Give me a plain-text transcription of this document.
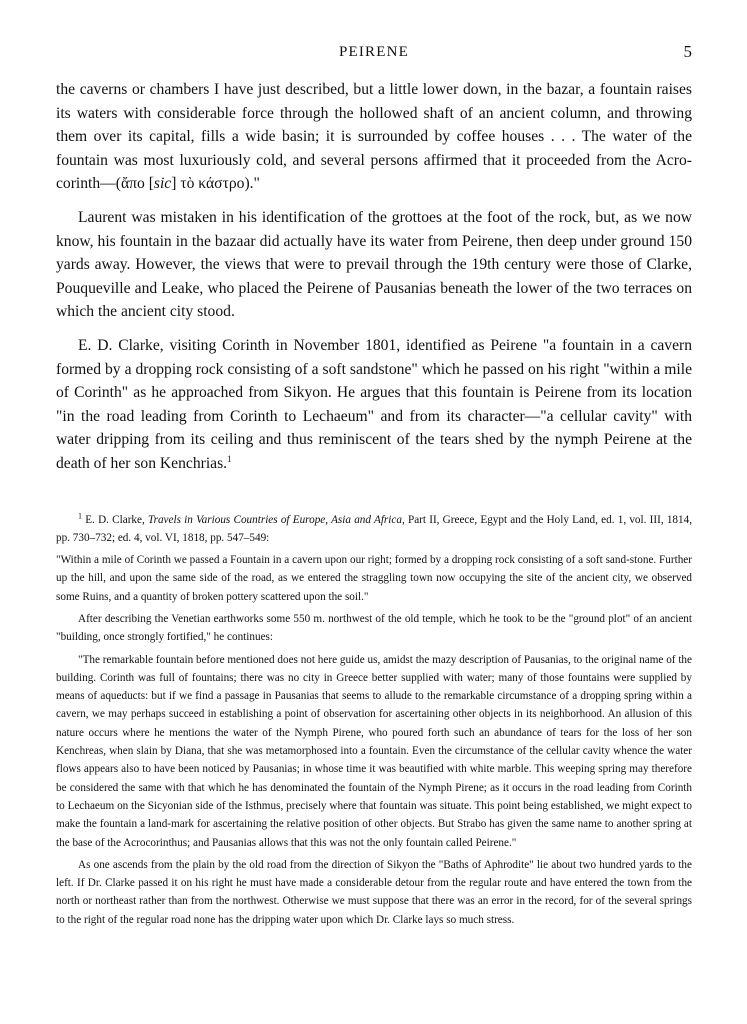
PEIRENE	5

the caverns or chambers I have just described, but a little lower down, in the bazar, a fountain raises its waters with considerable force through the hollowed shaft of an ancient column, and throwing them over its capital, fills a wide basin; it is surrounded by coffee houses . . . The water of the fountain was most luxuriously cold, and several persons affirmed that it proceeded from the Acro-corinth—(ἄπο [sic] τὸ κάστρο)."

Laurent was mistaken in his identification of the grottoes at the foot of the rock, but, as we now know, his fountain in the bazaar did actually have its water from Peirene, then deep under ground 150 yards away. However, the views that were to prevail through the 19th century were those of Clarke, Pouqueville and Leake, who placed the Peirene of Pausanias beneath the lower of the two terraces on which the ancient city stood.

E. D. Clarke, visiting Corinth in November 1801, identified as Peirene "a fountain in a cavern formed by a dropping rock consisting of a soft sandstone" which he passed on his right "within a mile of Corinth" as he approached from Sikyon. He argues that this fountain is Peirene from its location "in the road leading from Corinth to Lechaeum" and from its character—"a cellular cavity" with water dripping from its ceiling and thus reminiscent of the tears shed by the nymph Peirene at the death of her son Kenchrias.$^1$

$^1$ E. D. Clarke, Travels in Various Countries of Europe, Asia and Africa, Part II, Greece, Egypt and the Holy Land, ed. 1, vol. III, 1814, pp. 730–732; ed. 4, vol. VI, 1818, pp. 547–549:

"Within a mile of Corinth we passed a Fountain in a cavern upon our right; formed by a dropping rock consisting of a soft sand-stone. Further up the hill, and upon the same side of the road, as we entered the straggling town now occupying the site of the ancient city, we observed some Ruins, and a quantity of broken pottery scattered upon the soil."

After describing the Venetian earthworks some 550 m. northwest of the old temple, which he took to be the "ground plot" of an ancient "building, once strongly fortified," he continues:

"The remarkable fountain before mentioned does not here guide us, amidst the mazy description of Pausanias, to the original name of the building. Corinth was full of fountains; there was no city in Greece better supplied with water; many of those fountains were supplied by means of aqueducts: but if we find a passage in Pausanias that seems to allude to the remarkable circumstance of a dropping spring within a cavern, we may perhaps succeed in establishing a point of observation for ascertaining other objects in its neighborhood. An allusion of this nature occurs where he mentions the water of the Nymph Pirene, who poured forth such an abundance of tears for the loss of her son Kenchreas, when slain by Diana, that she was metamorphosed into a fountain. Even the circumstance of the cellular cavity whence the water flows appears also to have been noticed by Pausanias; in whose time it was beautified with white marble. This weeping spring may therefore be considered the same with that which he has denominated the fountain of the Nymph Pirene; as it occurs in the road leading from Corinth to Lechaeum on the Sicyonian side of the Isthmus, precisely where that fountain was situate. This point being established, we might expect to make the fountain a land-mark for ascertaining the relative position of other objects. But Strabo has given the same name to another spring at the base of the Acrocorinthus; and Pausanias allows that this was not the only fountain called Peirene."

As one ascends from the plain by the old road from the direction of Sikyon the "Baths of Aphrodite" lie about two hundred yards to the left. If Dr. Clarke passed it on his right he must have made a considerable detour from the regular route and have entered the town from the north or northeast rather than from the northwest. Otherwise we must suppose that there was an error in the record, for of the several springs to the right of the regular road none has the dripping water upon which Dr. Clarke lays so much stress.
